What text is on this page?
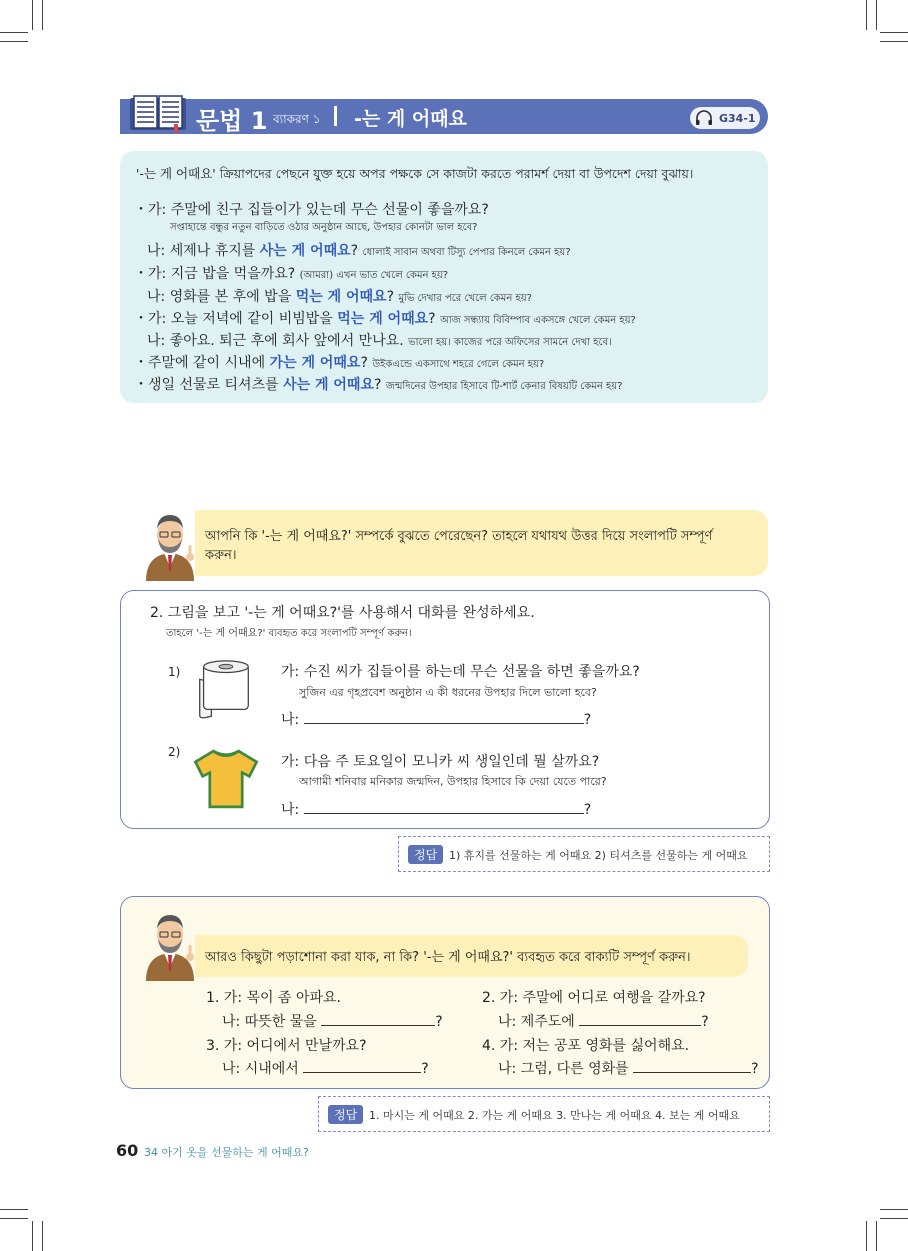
문법 1 ব্যাকরণ ১ -는 게 어때요	G34-1
'-는 게 어때요' ক্রিয়াপদের পেছনে যুক্ত হয়ে অপর পক্ষকে সে কাজটা করতে পরামর্শ দেয়া বা উপদেশ দেয়া বুঝায়।
・가: 주말에 친구 집들이가 있는데 무슨 선물이 좋을까요?
সপ্তাহান্তে বন্ধুর নতুন বাড়িতে ওঠার অনুষ্ঠান আছে, উপহার কোনটা ভাল হবে?
나: 세제나 휴지를 사는 게 어때요? ধোলাই সাবান অথবা টিস্যু পেপার কিনলে কেমন হয়?
・가: 지금 밥을 먹을까요? (আমরা) এখন ভাত খেলে কেমন হয়?
나: 영화를 본 후에 밥을 먹는 게 어때요? মুভি দেখার পরে খেলে কেমন হয়?
・가: 오늘 저녁에 같이 비빔밥을 먹는 게 어때요? আজ সন্ধ্যায় বিবিম্পাব একসঙ্গে খেলে কেমন হয়?
나: 좋아요. 퇴근 후에 회사 앞에서 만나요. ভালো হয়। কাজের পরে অফিসের সামনে দেখা হবে।
・주말에 같이 시내에 가는 게 어때요? উইকএন্ডে একসাথে শহরে গেলে কেমন হয়?
・생일 선물로 티셔츠를 사는 게 어때요? জন্মদিনের উপহার হিসাবে টি-শার্ট কেনার বিষয়টি কেমন হয়?
আপনি কি '-는 게 어때요?' সম্পর্কে বুঝতে পেরেছেন? তাহলে যথাযথ উত্তর দিয়ে সংলাপটি সম্পূর্ণ
করুন।
2. 그림을 보고 '-는 게 어때요?'를 사용해서 대화를 완성하세요.
তাহলে '-는 게 어때요?' ব্যবহৃত করে সংলাপটি সম্পূর্ণ করুন।
1)	가: 수진 씨가 집들이를 하는데 무슨 선물을 하면 좋을까요?
সুজিন এর গৃহপ্রবেশ অনুষ্ঠান এ কী ধরনের উপহার দিলে ভালো হবে?
나:	?
2)
가: 다음 주 토요일이 모니카 씨 생일인데 뭘 살까요?
আগামী শনিবার মনিকার জন্মদিন, উপহার হিসাবে কি দেয়া যেতে পারে?
나:	?
정답	1) 휴지를 선물하는 게 어때요 2) 티셔츠를 선물하는 게 어때요
আরও কিছুটা পড়াশোনা করা যাক, না কি? '-는 게 어때요?' ব্যবহৃত করে বাক্যটি সম্পূর্ণ করুন।
1. 가: 목이 좀 아파요.
나: 따뜻한 물을	?
2. 가: 주말에 어디로 여행을 갈까요?
나: 제주도에	?
3. 가: 어디에서 만날까요?
나: 시내에서	?
4. 가: 저는 공포 영화를 싫어해요.
나: 그럼, 다른 영화를	?
정답	1. 마시는 게 어때요 2. 가는 게 어때요 3. 만나는 게 어때요 4. 보는 게 어때요
60 34 아기 옷을 선물하는 게 어때요?
